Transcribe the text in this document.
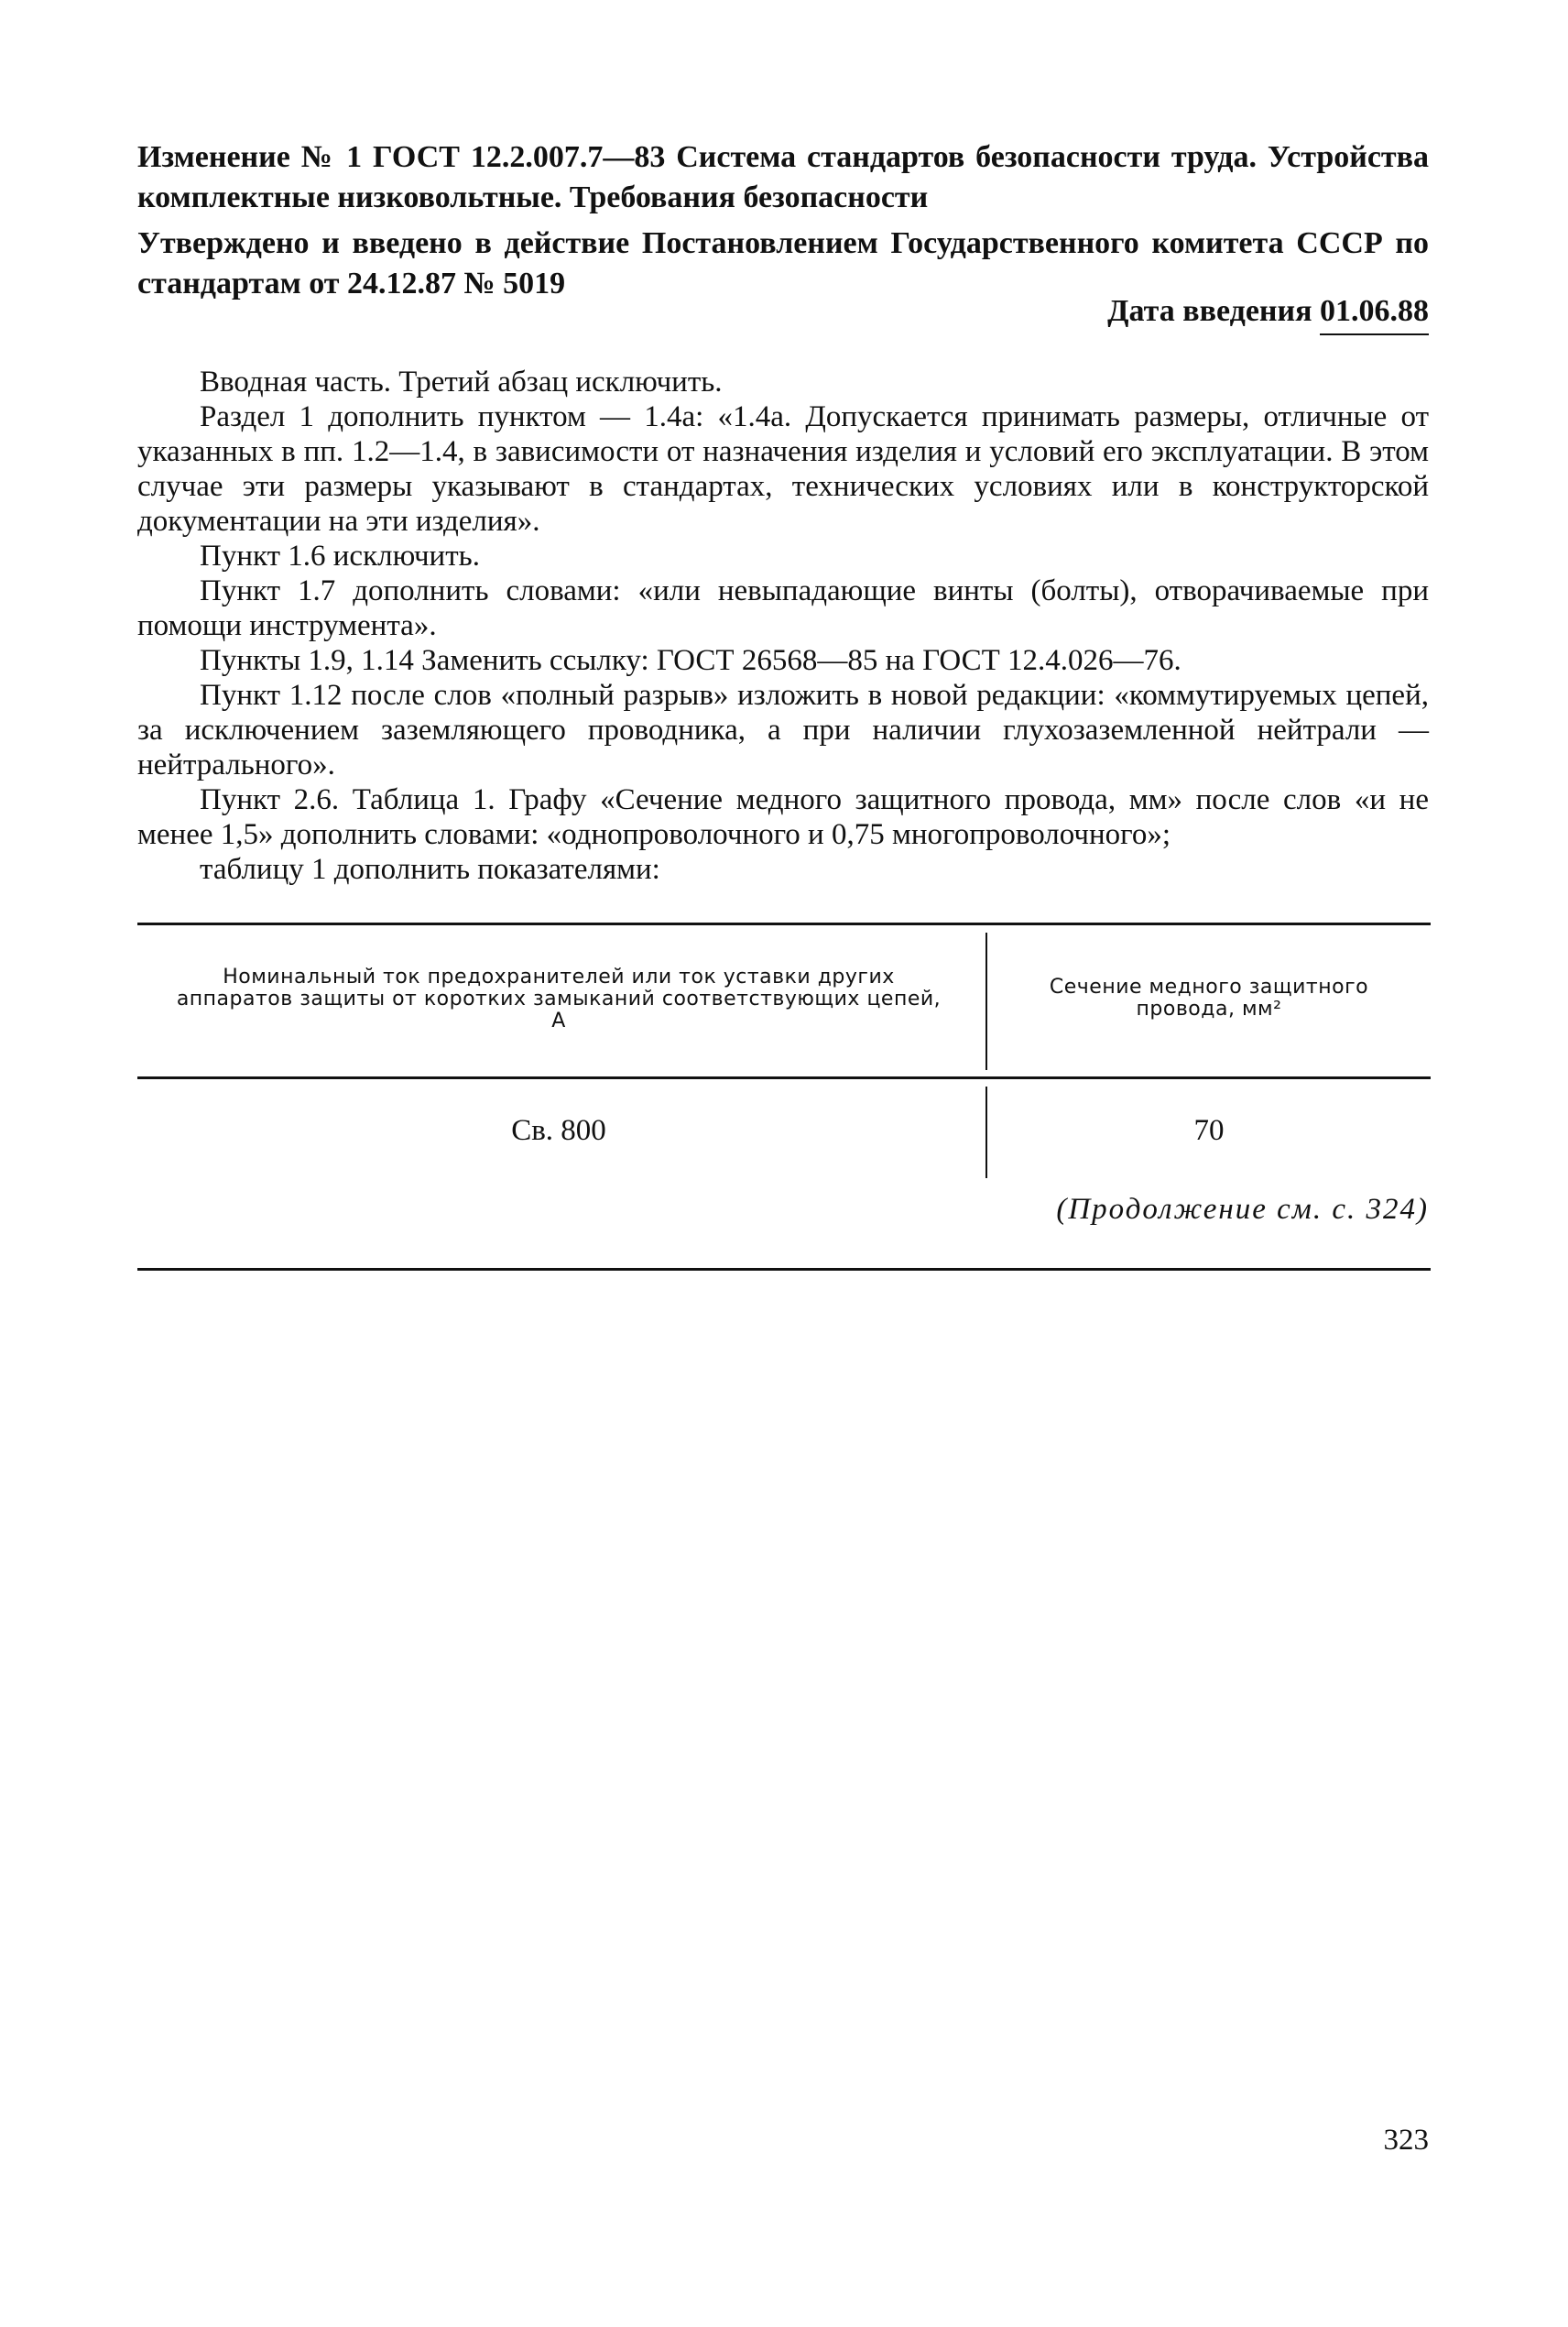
Изменение № 1 ГОСТ 12.2.007.7—83 Система стандартов безопасности труда. Устройства комплектные низковольтные. Требования безопасности

Утверждено и введено в действие Постановлением Государственного комитета СССР по стандартам от 24.12.87 № 5019

Дата введения 01.06.88

Вводная часть. Третий абзац исключить.

Раздел 1 дополнить пунктом — 1.4а: «1.4а. Допускается принимать размеры, отличные от указанных в пп. 1.2—1.4, в зависимости от назначения изделия и условий его эксплуатации. В этом случае эти размеры указывают в стандартах, технических условиях или в конструкторской документации на эти изделия».

Пункт 1.6 исключить.

Пункт 1.7 дополнить словами: «или невыпадающие винты (болты), отворачиваемые при помощи инструмента».

Пункты 1.9, 1.14 Заменить ссылку: ГОСТ 26568—85 на ГОСТ 12.4.026—76.

Пункт 1.12 после слов «полный разрыв» изложить в новой редакции: «коммутируемых цепей, за исключением заземляющего проводника, а при наличии глухозаземленной нейтрали — нейтрального».

Пункт 2.6. Таблица 1. Графу «Сечение медного защитного провода, мм» после слов «и не менее 1,5» дополнить словами: «однопроволочного и 0,75 многопроволочного»;

таблицу 1 дополнить показателями:

Номинальный ток предохранителей или ток уставки других аппаратов защиты от коротких замыканий соответствующих цепей, А
Сечение медного защитного провода, мм²
Св. 800	70
(Продолжение см. с. 324)
323
